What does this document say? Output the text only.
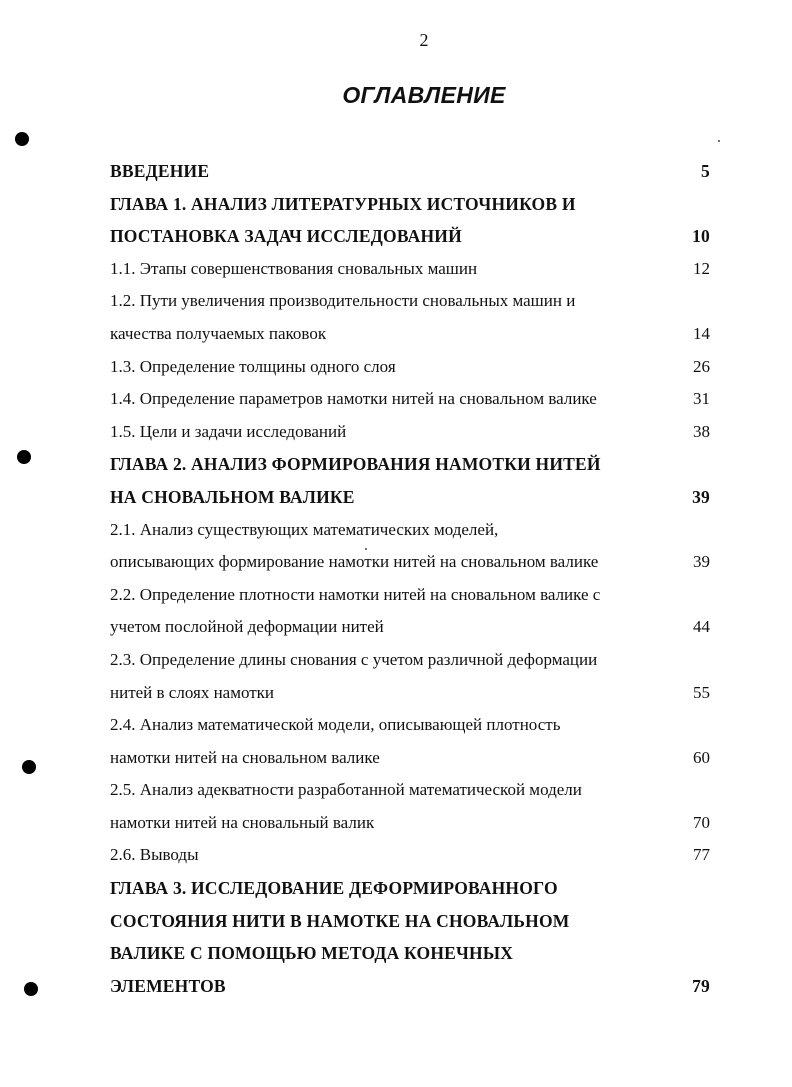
2
ОГЛАВЛЕНИЕ
ВВЕДЕНИЕ	5
ГЛАВА 1. АНАЛИЗ ЛИТЕРАТУРНЫХ ИСТОЧНИКОВ И
ПОСТАНОВКА ЗАДАЧ ИССЛЕДОВАНИЙ	10
1.1. Этапы совершенствования сновальных машин	12
1.2. Пути увеличения производительности сновальных машин и
качества получаемых паковок	14
1.3. Определение толщины одного слоя	26
1.4. Определение параметров намотки нитей на сновальном валике	31
1.5. Цели и задачи исследований	38
ГЛАВА 2. АНАЛИЗ ФОРМИРОВАНИЯ НАМОТКИ НИТЕЙ
НА СНОВАЛЬНОМ ВАЛИКЕ	39
2.1. Анализ существующих математических моделей,
описывающих формирование намотки нитей на сновальном валике	39
2.2. Определение плотности намотки нитей на сновальном валике с
учетом послойной деформации нитей	44
2.3. Определение длины снования с учетом различной деформации
нитей в слоях намотки	55
2.4. Анализ математической модели, описывающей плотность
намотки нитей на сновальном валике	60
2.5. Анализ адекватности разработанной математической модели
намотки нитей на сновальный валик	70
2.6. Выводы	77
ГЛАВА 3. ИССЛЕДОВАНИЕ ДЕФОРМИРОВАННОГО
СОСТОЯНИЯ НИТИ В НАМОТКЕ НА СНОВАЛЬНОМ
ВАЛИКЕ С ПОМОЩЬЮ МЕТОДА КОНЕЧНЫХ
ЭЛЕМЕНТОВ	79
